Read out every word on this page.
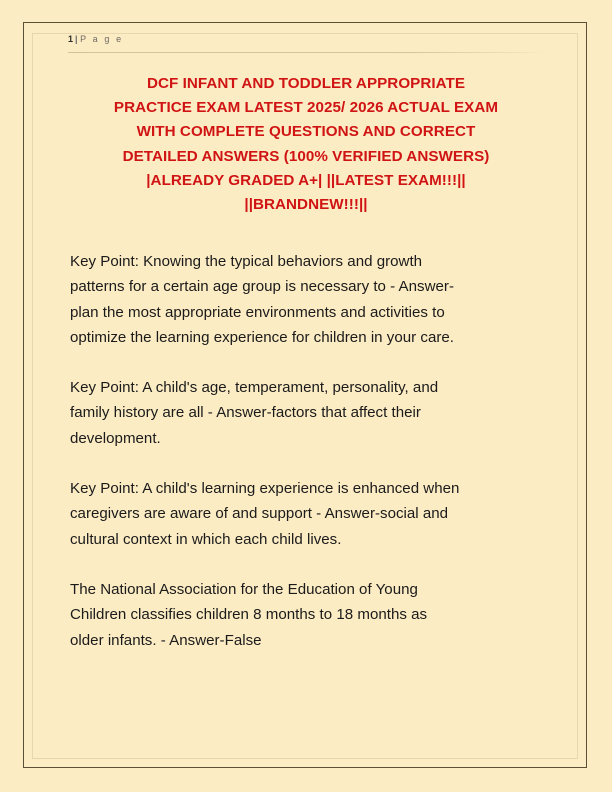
1 | P a g e
DCF INFANT AND TODDLER APPROPRIATE
PRACTICE EXAM LATEST 2025/ 2026 ACTUAL EXAM
WITH COMPLETE QUESTIONS AND CORRECT
DETAILED ANSWERS (100% VERIFIED ANSWERS)
|ALREADY GRADED A+| ||LATEST EXAM!!!||
||BRANDNEW!!!||

Key Point: Knowing the typical behaviors and growth
patterns for a certain age group is necessary to - Answer-
plan the most appropriate environments and activities to
optimize the learning experience for children in your care.

Key Point: A child's age, temperament, personality, and
family history are all - Answer-factors that affect their
development.

Key Point: A child's learning experience is enhanced when
caregivers are aware of and support - Answer-social and
cultural context in which each child lives.

The National Association for the Education of Young
Children classifies children 8 months to 18 months as
older infants. - Answer-False
